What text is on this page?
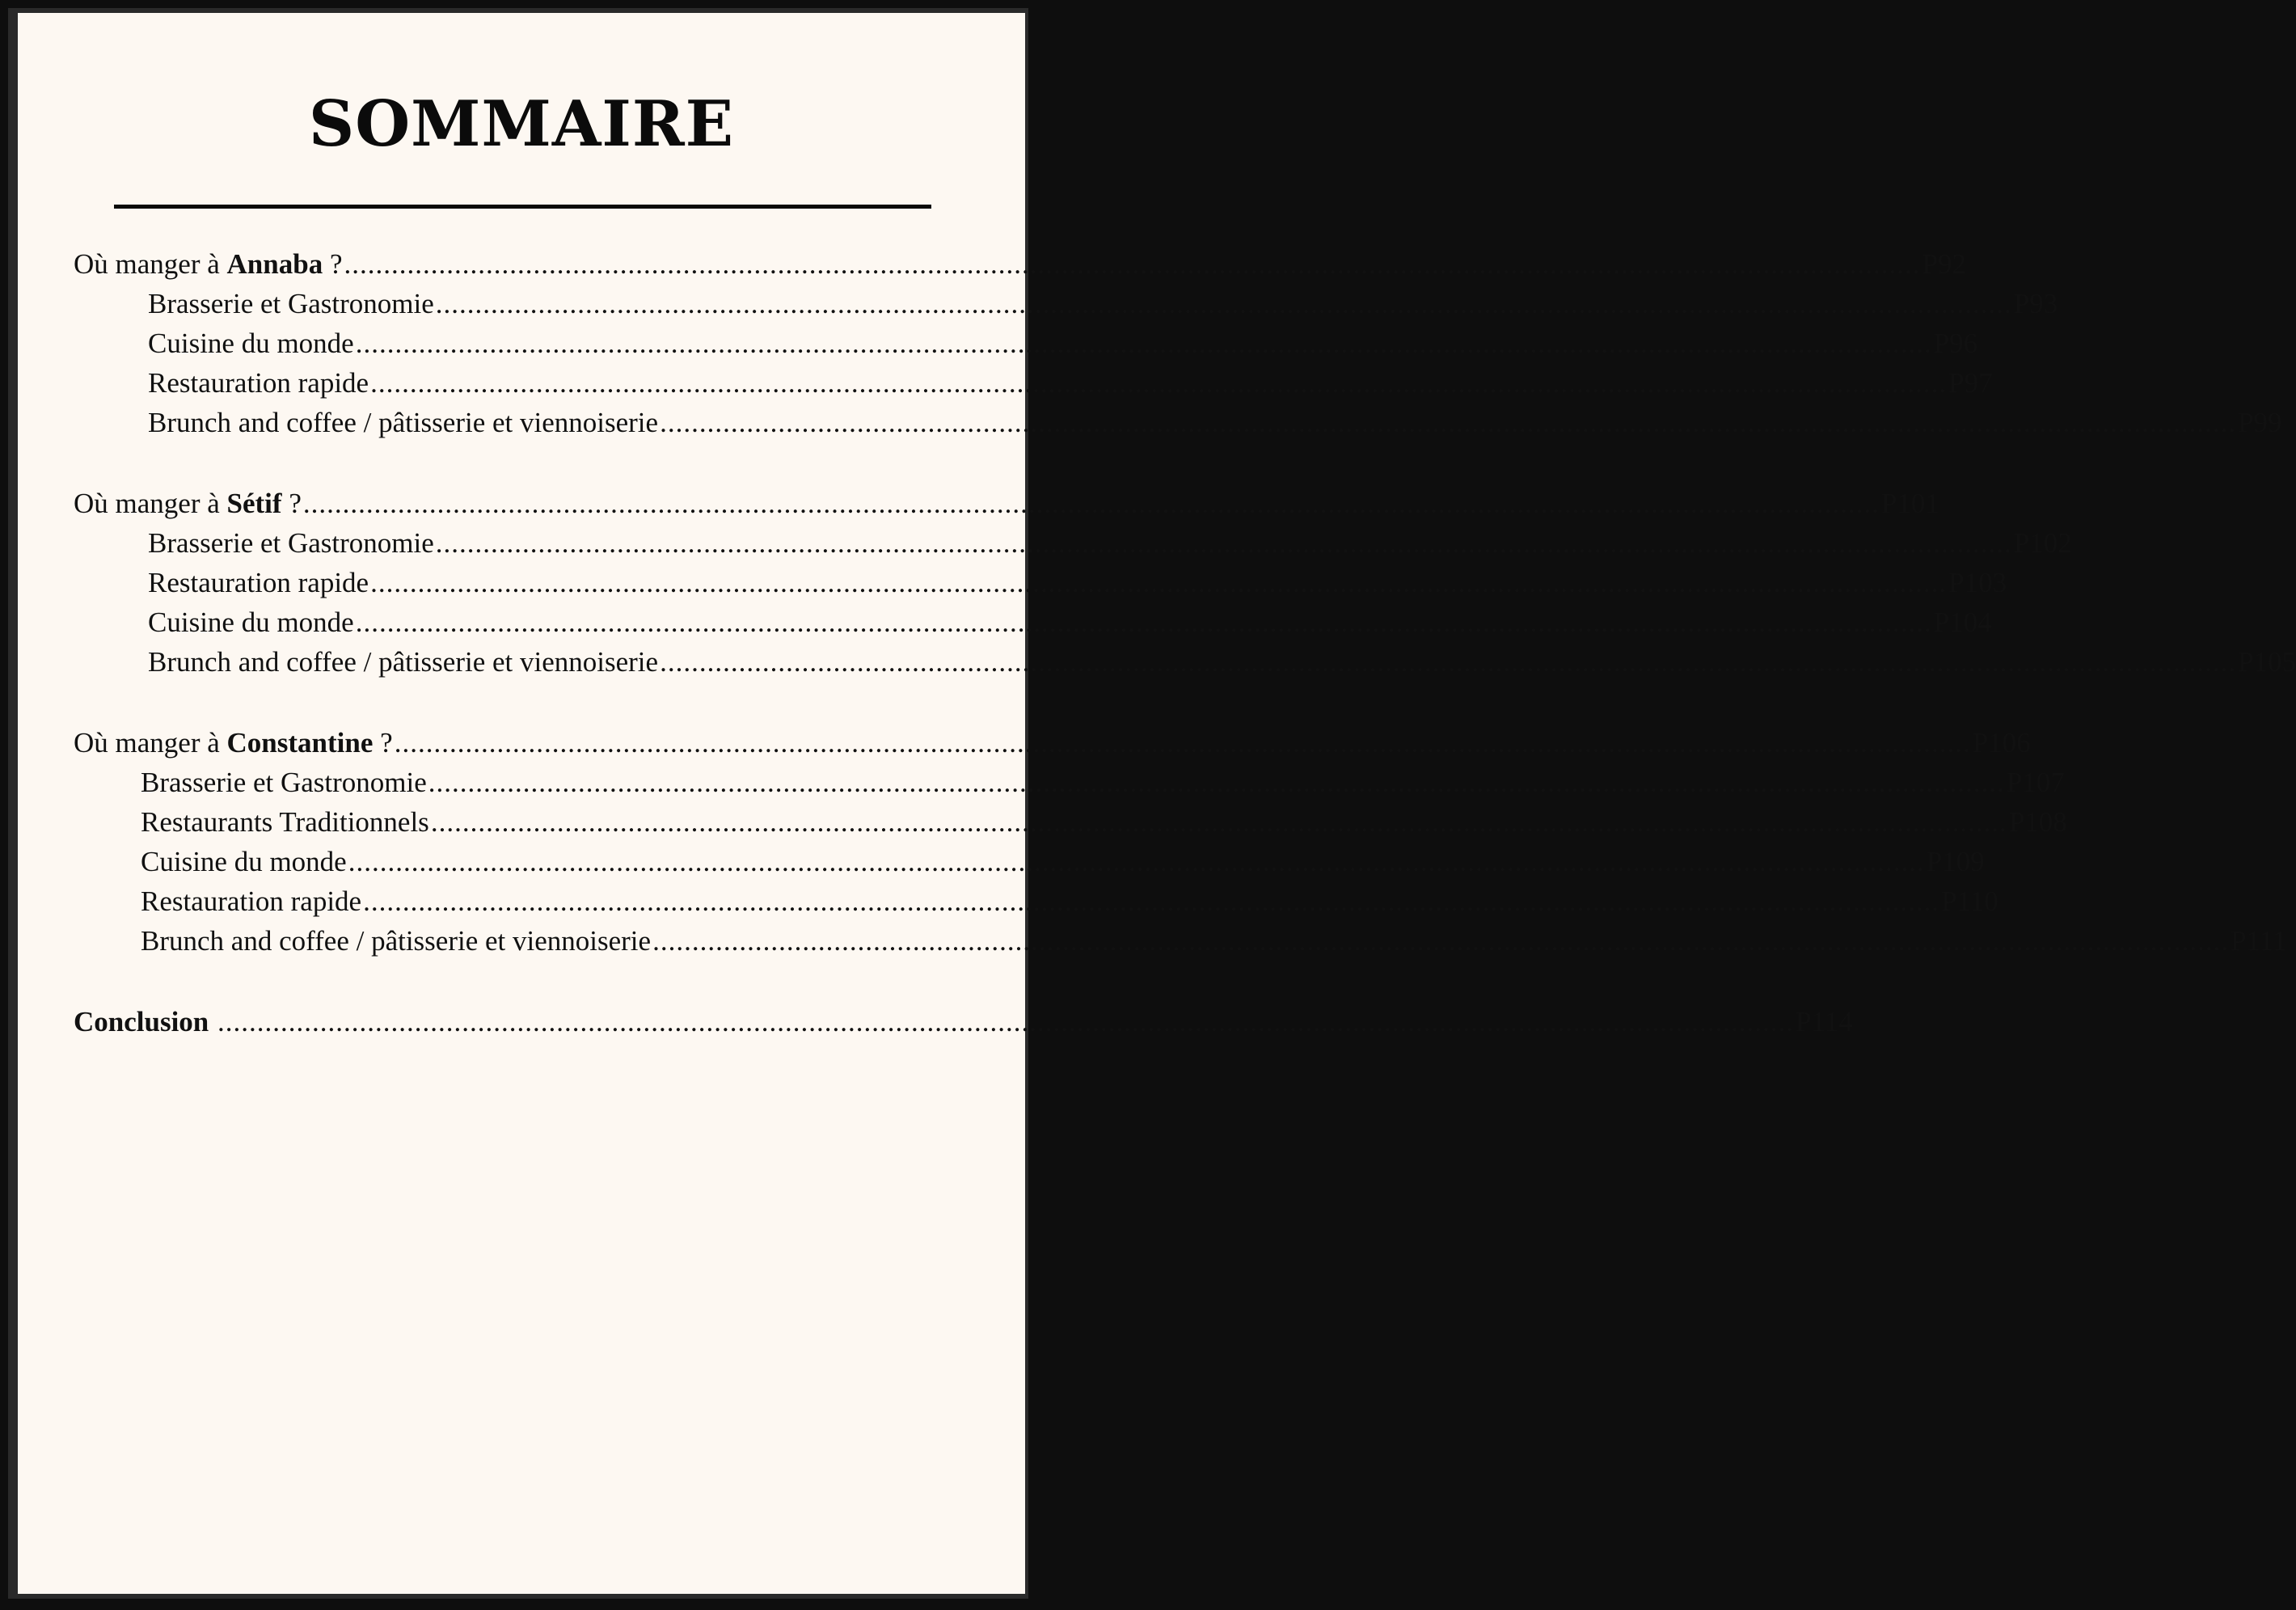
SOMMAIRE
Où manger à Annaba ? ........................................................................................................................................................................................................ P92
Brasserie et Gastronomie ........................................................................................................................................................................................................ P93
Cuisine du monde ........................................................................................................................................................................................................ P96
Restauration rapide ........................................................................................................................................................................................................ P97
Brunch and coffee / pâtisserie et viennoiserie ........................................................................................................................................................................................................ P99
Où manger à Sétif ? ........................................................................................................................................................................................................ P101
Brasserie et Gastronomie ........................................................................................................................................................................................................ P102
Restauration rapide ........................................................................................................................................................................................................ P103
Cuisine du monde ........................................................................................................................................................................................................ P104
Brunch and coffee / pâtisserie et viennoiserie ........................................................................................................................................................................................................ P105
Où manger à Constantine ? ........................................................................................................................................................................................................ P106
Brasserie et Gastronomie ........................................................................................................................................................................................................ P107
Restaurants Traditionnels ........................................................................................................................................................................................................ P108
Cuisine du monde ........................................................................................................................................................................................................ P109
Restauration rapide ........................................................................................................................................................................................................ P110
Brunch and coffee / pâtisserie et viennoiserie ........................................................................................................................................................................................................ P111
Conclusion ........................................................................................................................................................................................................ P114
